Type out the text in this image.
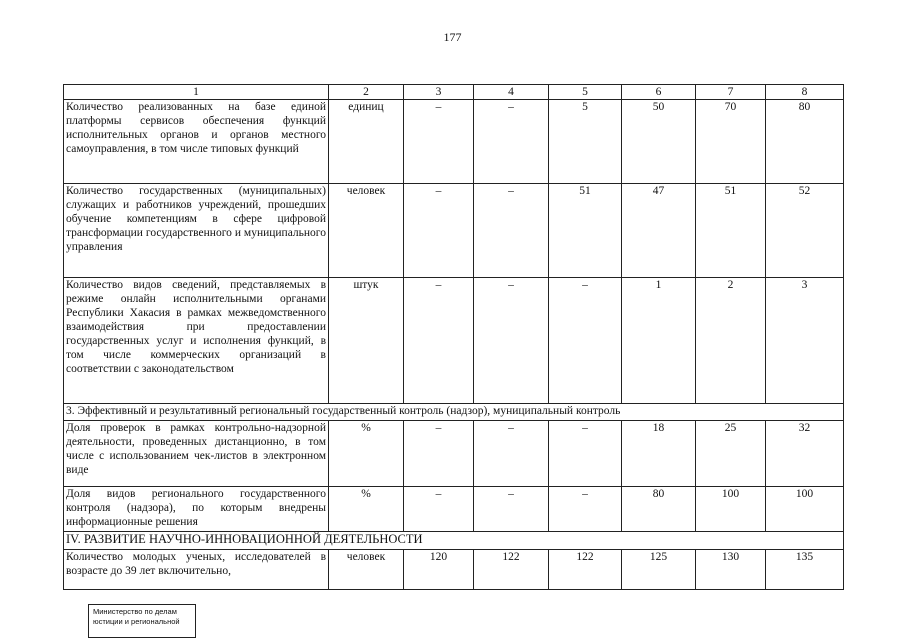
177
1	2	3	4	5	6	7	8
Количество реализованных на базе единой платформы сервисов обеспечения функций исполнительных органов и органов местного самоуправления, в том числе типовых функций	единиц	–	–	5	50	70	80
Количество государственных (муниципальных) служащих и работников учреждений, прошедших обучение компетенциям в сфере цифровой трансформации государственного и муниципального управления	человек	–	–	51	47	51	52
Количество видов сведений, представляемых в режиме онлайн исполнительными органами Республики Хакасия в рамках межведомственного взаимодействия при предоставлении государственных услуг и исполнения функций, в том числе коммерческих организаций в соответствии с законодательством	штук	–	–	–	1	2	3
3. Эффективный и результативный региональный государственный контроль (надзор), муниципальный контроль							
Доля проверок в рамках контрольно-надзорной деятельности, проведенных дистанционно, в том числе с использованием чек-листов в электронном виде	%	–	–	–	18	25	32
Доля видов регионального государственного контроля (надзора), по которым внедрены информационные решения	%	–	–	–	80	100	100
IV. РАЗВИТИЕ НАУЧНО-ИННОВАЦИОННОЙ ДЕЯТЕЛЬНОСТИ							
Количество молодых ученых, исследователей в возрасте до 39 лет включительно,	человек	120	122	122	125	130	135
Министерство по делам
юстиции и региональной
